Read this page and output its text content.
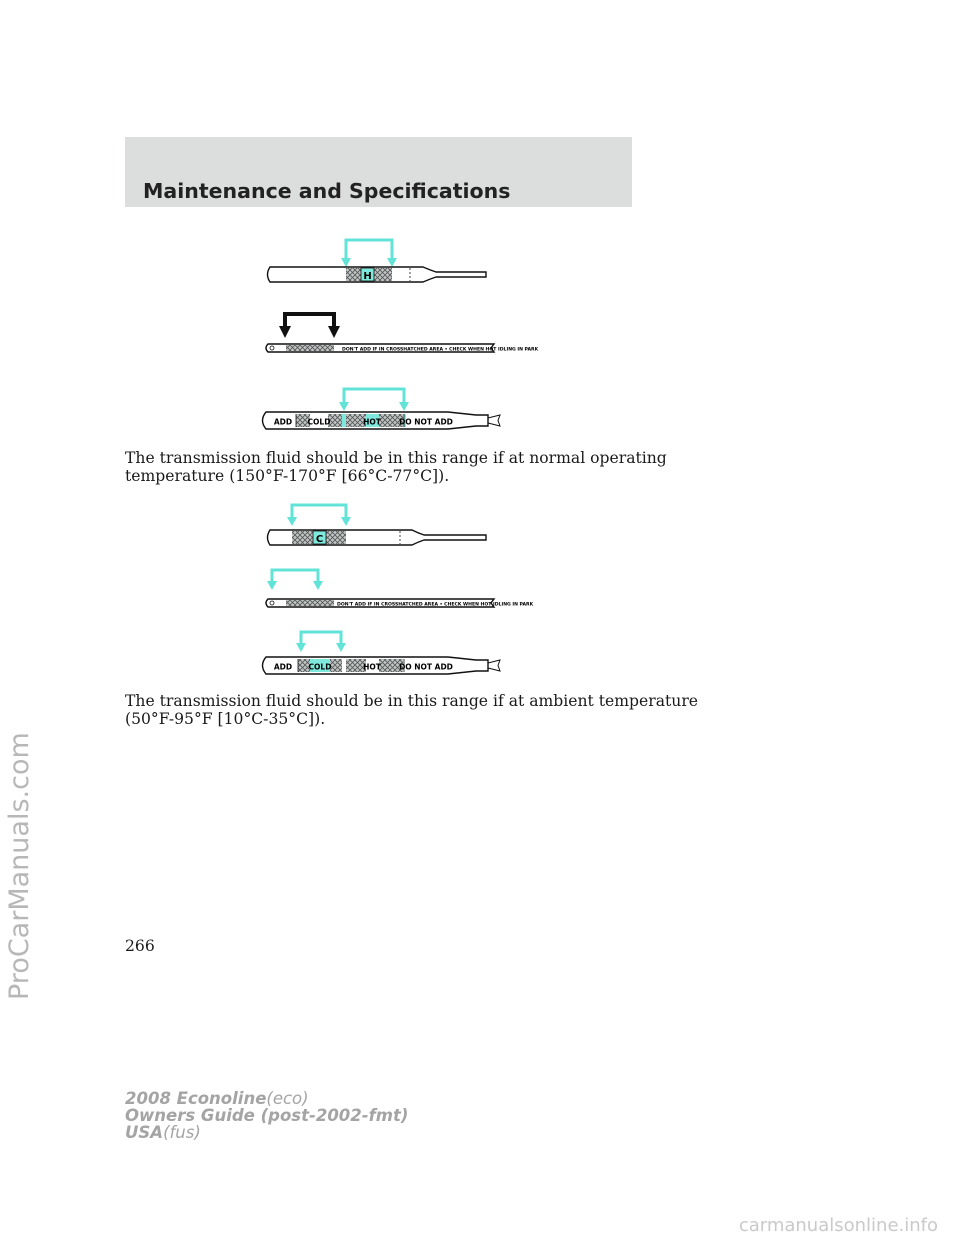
Maintenance and Specifications
ProCarManuals.com
H
DON'T ADD IF IN CROSSHATCHED AREA • CHECK WHEN HOT IDLING IN PARK
ADD COLD	HOT DO NOT ADD
The transmission fluid should be in this range if at normal operating
temperature (150°F-170°F [66°C-77°C]).
C
DON'T ADD IF IN CROSSHATCHED AREA • CHECK WHEN HOT IDLING IN PARK
ADD COLD	HOT DO NOT ADD
The transmission fluid should be in this range if at ambient temperature
(50°F-95°F [10°C-35°C]).
266
2008 Econoline(eco)
Owners Guide (post-2002-fmt)
USA(fus)
carmanualsonline.info
